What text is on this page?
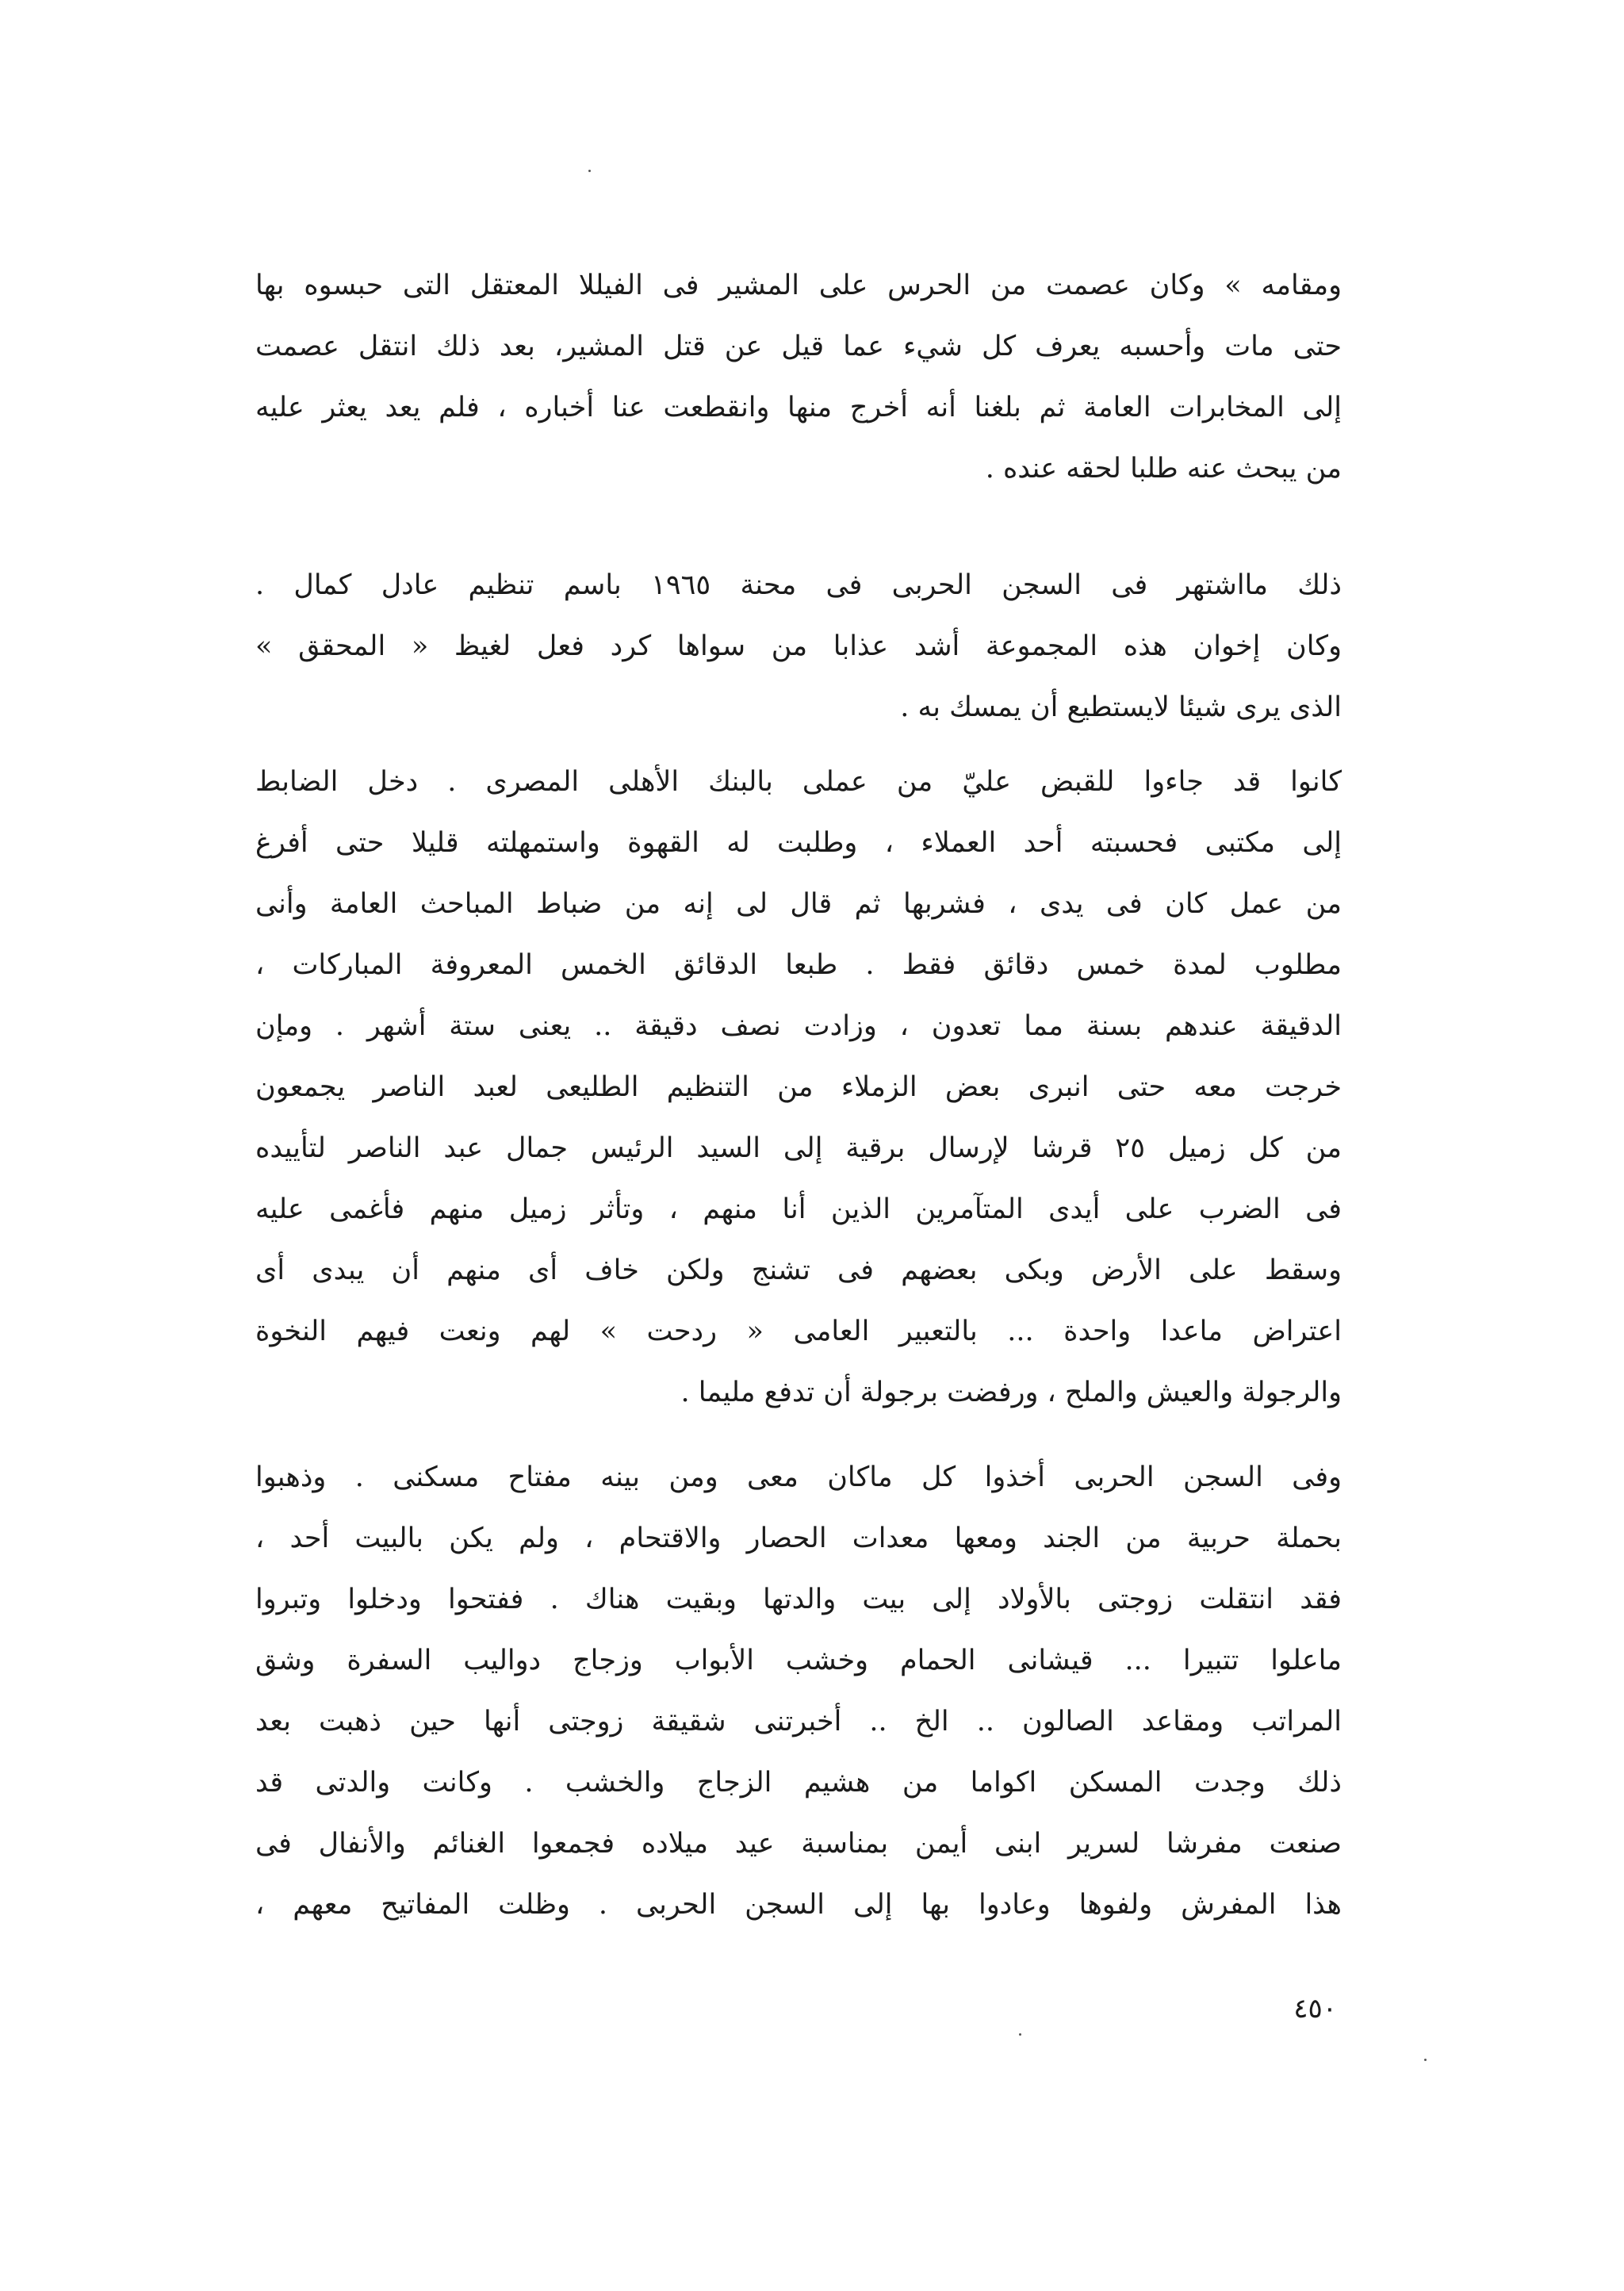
ومقامه » وكان عصمت من الحرس على المشير فى الفيللا المعتقل التى حبسوه بها
حتى مات وأحسبه يعرف كل شيء عما قيل عن قتل المشير، بعد ذلك انتقل عصمت
إلى المخابرات العامة ثم بلغنا أنه أخرج منها وانقطعت عنا أخباره ، فلم يعد يعثر عليه
من يبحث عنه طلبا لحقه عنده .
ذلك مااشتهر فى السجن الحربى فى محنة ١٩٦٥ باسم تنظيم عادل كمال .
وكان إخوان هذه المجموعة أشد عذابا من سواها كرد فعل لغيظ « المحقق »
الذى يرى شيئا لايستطيع أن يمسك به .
كانوا قد جاءوا للقبض عليّ من عملى بالبنك الأهلى المصرى . دخل الضابط
إلى مكتبى فحسبته أحد العملاء ، وطلبت له القهوة واستمهلته قليلا حتى أفرغ
من عمل كان فى يدى ، فشربها ثم قال لى إنه من ضباط المباحث العامة وأنى
مطلوب لمدة خمس دقائق فقط . طبعا الدقائق الخمس المعروفة المباركات ،
الدقيقة عندهم بسنة مما تعدون ، وزادت نصف دقيقة .. يعنى ستة أشهر . ومإن
خرجت معه حتى انبرى بعض الزملاء من التنظيم الطليعى لعبد الناصر يجمعون
من كل زميل ٢٥ قرشا لإرسال برقية إلى السيد الرئيس جمال عبد الناصر لتأييده
فى الضرب على أيدى المتآمرين الذين أنا منهم ، وتأثر زميل منهم فأغمى عليه
وسقط على الأرض وبكى بعضهم فى تشنج ولكن خاف أى منهم أن يبدى أى
اعتراض ماعدا واحدة ... بالتعبير العامى « ردحت » لهم ونعت فيهم النخوة
والرجولة والعيش والملح ، ورفضت برجولة أن تدفع مليما .
وفى السجن الحربى أخذوا كل ماكان معى ومن بينه مفتاح مسكنى . وذهبوا
بحملة حربية من الجند ومعها معدات الحصار والاقتحام ، ولم يكن بالبيت أحد ،
فقد انتقلت زوجتى بالأولاد إلى بيت والدتها وبقيت هناك . ففتحوا ودخلوا وتبروا
ماعلوا تتبيرا ... قيشانى الحمام وخشب الأبواب وزجاج دواليب السفرة وشق
المراتب ومقاعد الصالون .. الخ .. أخبرتنى شقيقة زوجتى أنها حين ذهبت بعد
ذلك وجدت المسكن اكواما من هشيم الزجاج والخشب . وكانت والدتى قد
صنعت مفرشا لسرير ابنى أيمن بمناسبة عيد ميلاده فجمعوا الغنائم والأنفال فى
هذا المفرش ولفوها وعادوا بها إلى السجن الحربى . وظلت المفاتيح معهم ،
٤٥٠
